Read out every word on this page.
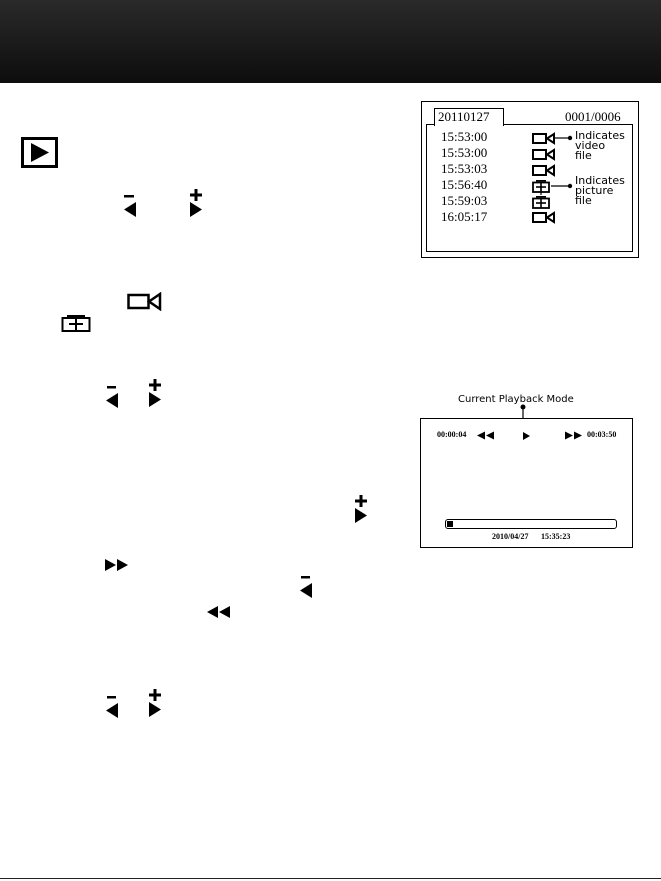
20110127	0001/0006
15:53:00
15:53:00
15:53:03
15:56:40
15:59:03
16:05:17
Indicates
video
file
Indicates
picture
file
Current Playback Mode
00:00:04	00:03:50
2010/04/27 15:35:23
